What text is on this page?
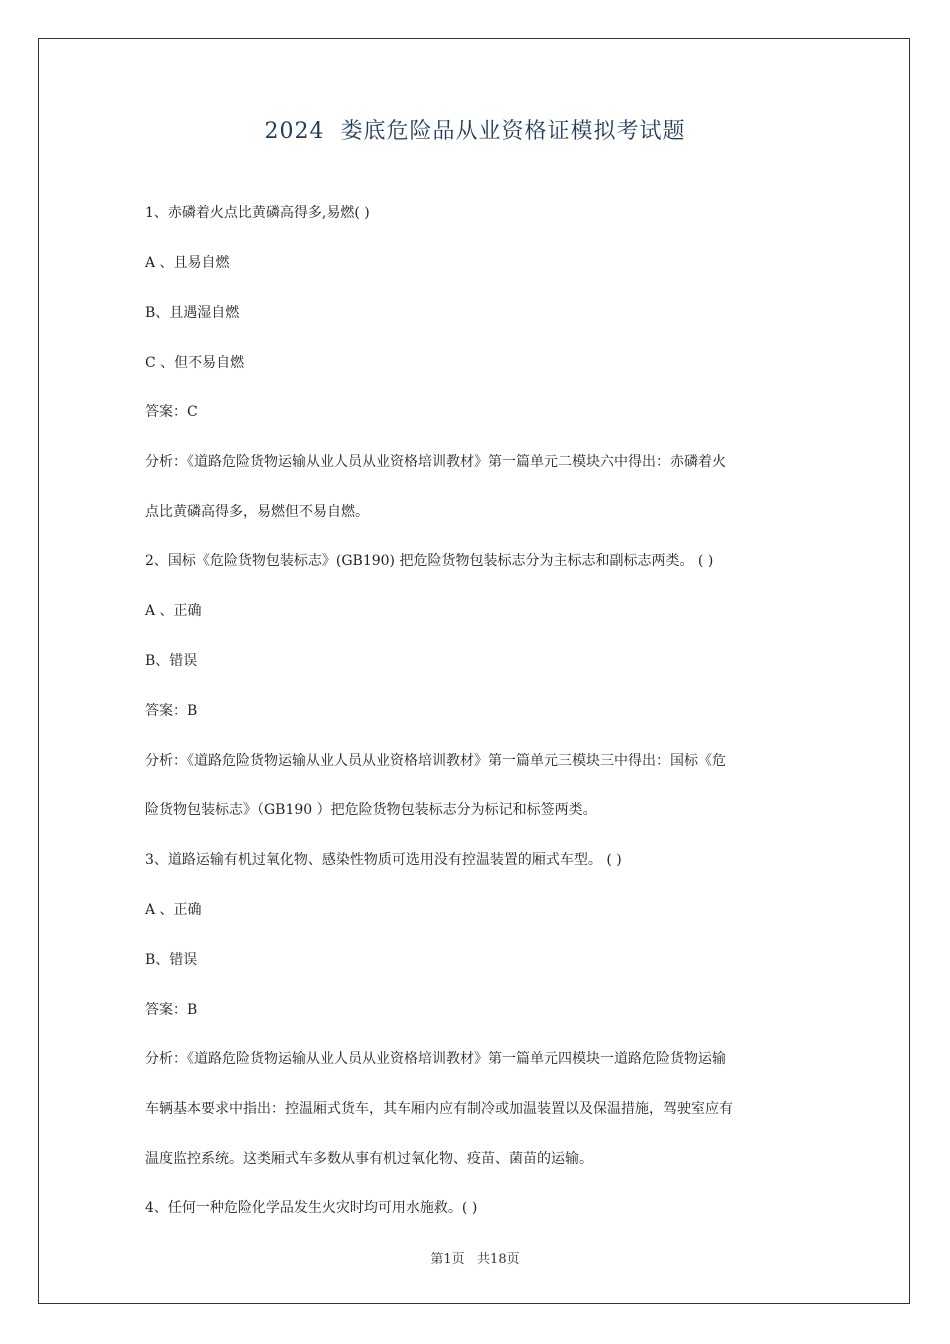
2024  娄底危险品从业资格证模拟考试题
1、赤磷着火点比黄磷高得多,易燃( )
A 、且易自燃
B、且遇湿自燃
C 、但不易自燃
答案：C
分析：《道路危险货物运输从业人员从业资格培训教材》第一篇单元二模块六中得出：赤磷着火
点比黄磷高得多，易燃但不易自燃。
2、国标《危险货物包装标志》(GB190) 把危险货物包装标志分为主标志和副标志两类。 ( )
A 、正确
B、错误
答案：B
分析：《道路危险货物运输从业人员从业资格培训教材》第一篇单元三模块三中得出：国标《危
险货物包装标志》（GB190 ）把危险货物包装标志分为标记和标签两类。
3、道路运输有机过氧化物、感染性物质可选用没有控温装置的厢式车型。 ( )
A 、正确
B、错误
答案：B
分析：《道路危险货物运输从业人员从业资格培训教材》第一篇单元四模块一道路危险货物运输
车辆基本要求中指出：控温厢式货车，其车厢内应有制冷或加温装置以及保温措施，驾驶室应有
温度监控系统。这类厢式车多数从事有机过氧化物、疫苗、菌苗的运输。
4、任何一种危险化学品发生火灾时均可用水施救。( )
第1页   共18页
